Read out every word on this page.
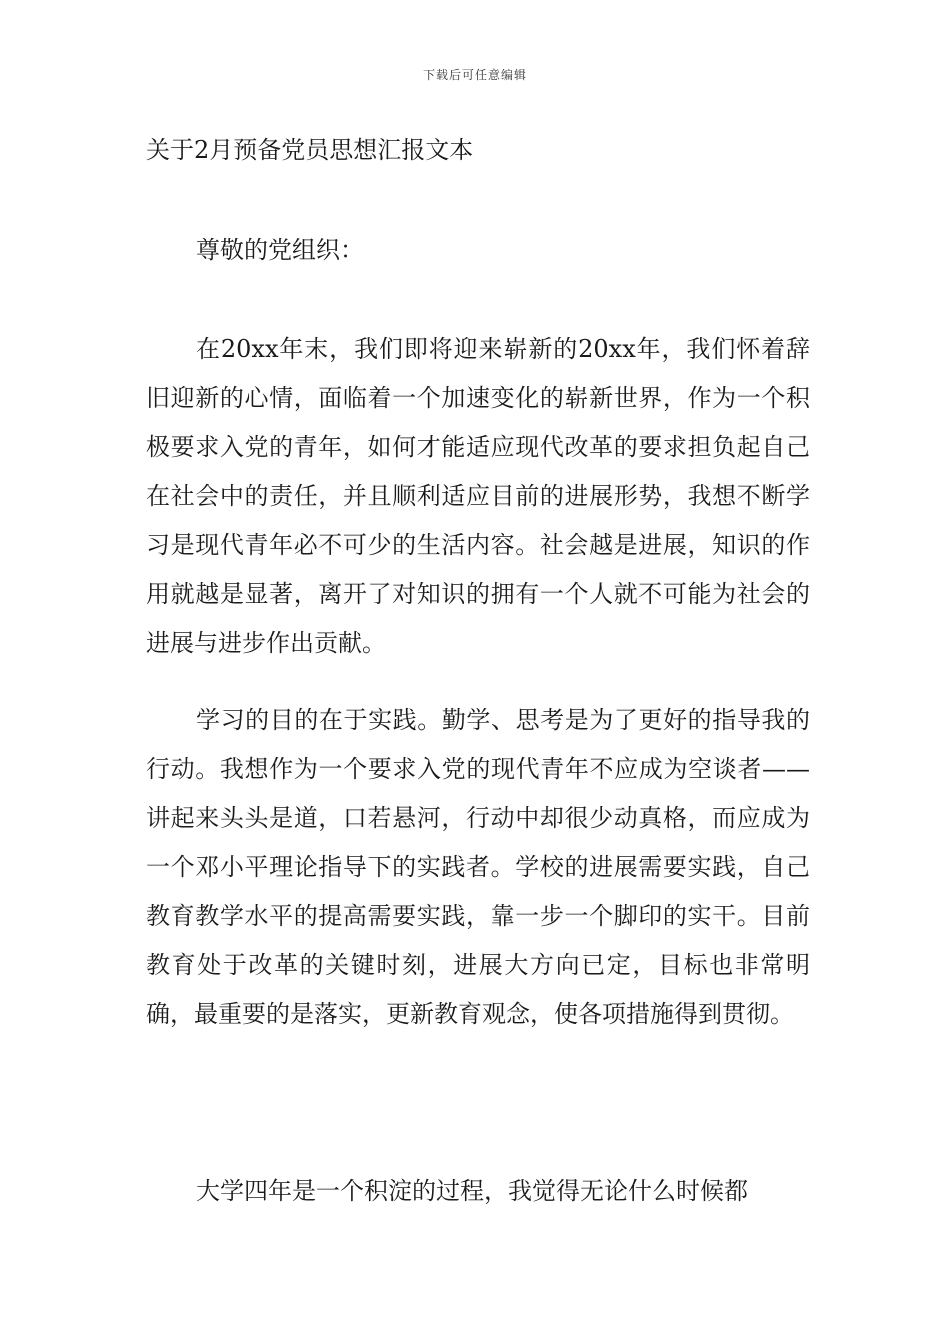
下载后可任意编辑
关于2月预备党员思想汇报文本

尊敬的党组织：

在20xx年末，我们即将迎来崭新的20xx年，我们怀着辞旧迎新的心情，面临着一个加速变化的崭新世界，作为一个积极要求入党的青年，如何才能适应现代改革的要求担负起自己在社会中的责任，并且顺利适应目前的进展形势，我想不断学习是现代青年必不可少的生活内容。社会越是进展，知识的作用就越是显著，离开了对知识的拥有一个人就不可能为社会的进展与进步作出贡献。

学习的目的在于实践。勤学、思考是为了更好的指导我的行动。我想作为一个要求入党的现代青年不应成为空谈者——讲起来头头是道，口若悬河，行动中却很少动真格，而应成为一个邓小平理论指导下的实践者。学校的进展需要实践，自己教育教学水平的提高需要实践，靠一步一个脚印的实干。目前教育处于改革的关键时刻，进展大方向已定，目标也非常明确，最重要的是落实，更新教育观念，使各项措施得到贯彻。

大学四年是一个积淀的过程，我觉得无论什么时候都
